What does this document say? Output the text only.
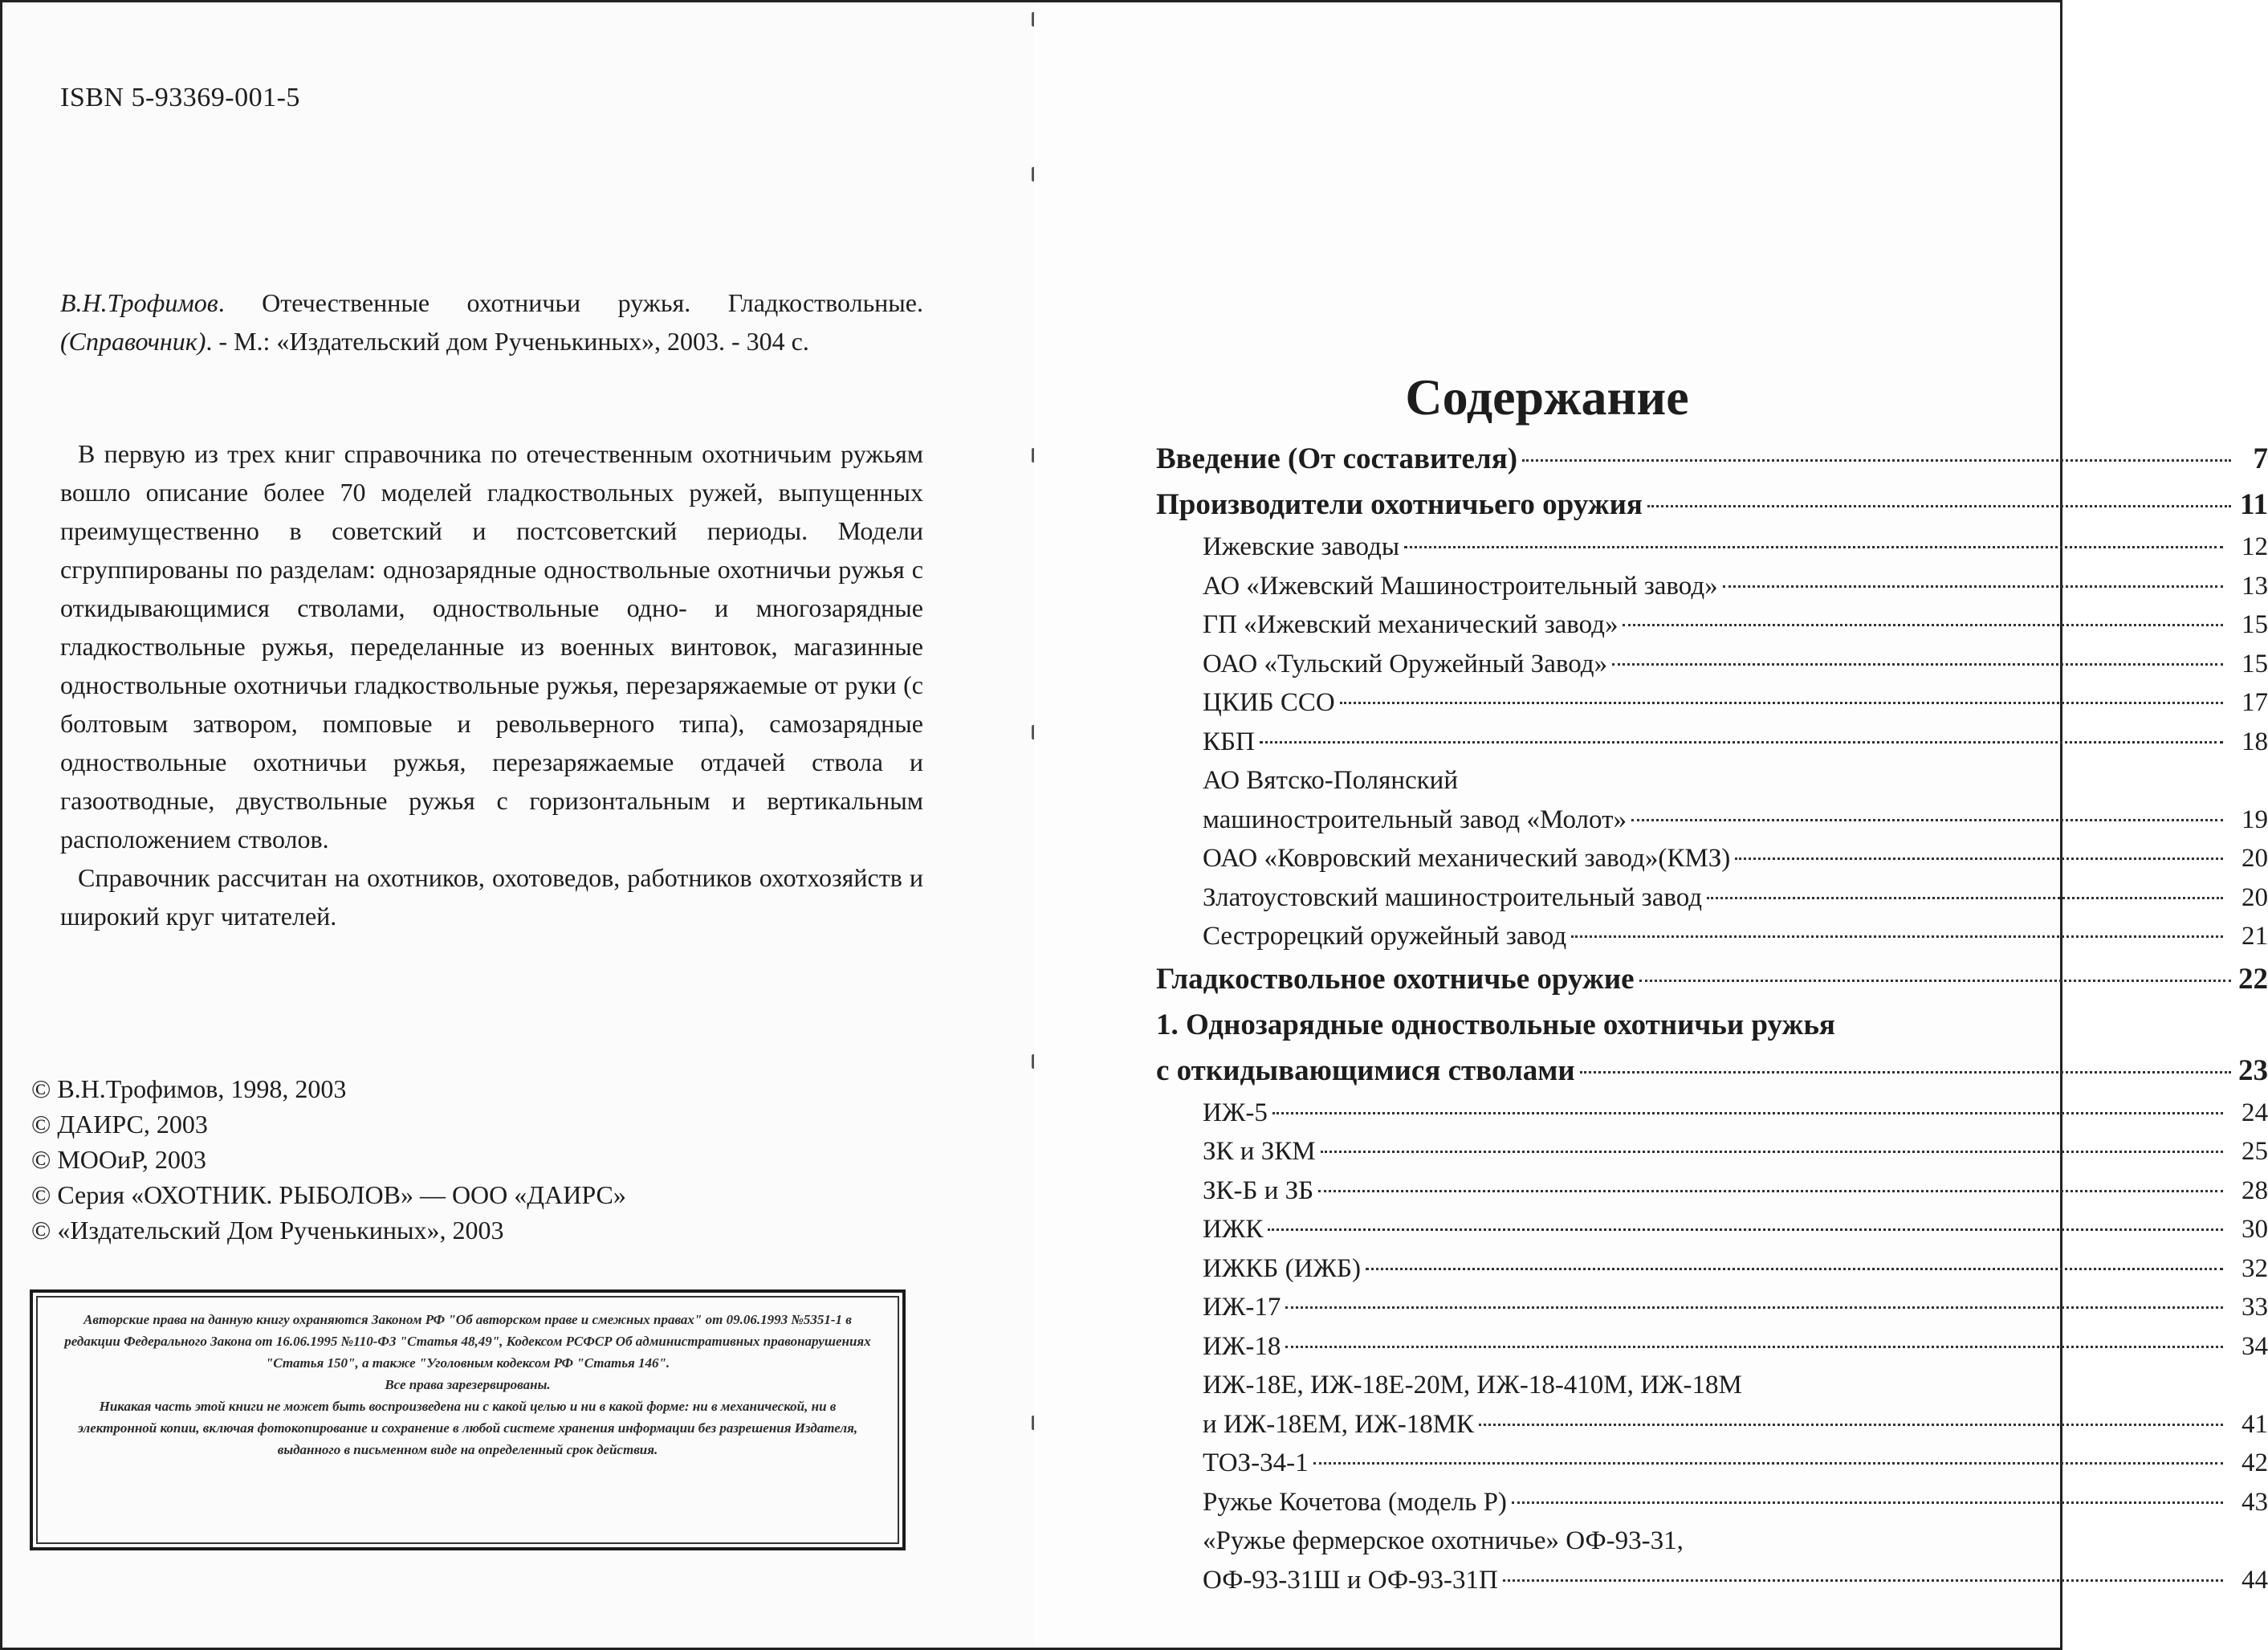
ISBN 5-93369-001-5
В.Н.Трофимов. Отечественные охотничьи ружья. Гладкоствольные. (Справочник). - М.: «Издательский дом Рученькиных», 2003. - 304 с.

В первую из трех книг справочника по отечественным охотничьим ружьям вошло описание более 70 моделей гладкоствольных ружей, выпущенных преимущественно в советский и постсоветский периоды. Модели сгруппированы по разделам: однозарядные одноствольные охотничьи ружья с откидывающимися стволами, одноствольные одно- и многозарядные гладкоствольные ружья, переделанные из военных винтовок, магазинные одноствольные охотничьи гладкоствольные ружья, перезаряжаемые от руки (с болтовым затвором, помповые и револьверного типа), самозарядные одноствольные охотничьи ружья, перезаряжаемые отдачей ствола и газоотводные, двуствольные ружья с горизонтальным и вертикальным расположением стволов.

Справочник рассчитан на охотников, охотоведов, работников охотхозяйств и широкий круг читателей.

© В.Н.Трофимов, 1998, 2003
© ДАИРС, 2003
© МООиР, 2003
© Серия «ОХОТНИК. РЫБОЛОВ» — ООО «ДАИРС»
© «Издательский Дом Рученькиных», 2003

Авторские права на данную книгу охраняются Законом РФ "Об авторском праве и смежных правах" от 09.06.1993 №5351-1 в редакции Федерального Закона от 16.06.1995 №110-ФЗ "Статья 48,49", Кодексом РСФСР Об административных правонарушениях "Статья 150", а также "Уголовным кодексом РФ "Статья 146".

Все права зарезервированы.

Никакая часть этой книги не может быть воспроизведена ни с какой целью и ни в какой форме: ни в механической, ни в электронной копии, включая фотокопирование и сохранение в любой системе хранения информации без разрешения Издателя, выданного в письменном виде на определенный срок действия.

Содержание
Введение (От составителя)	7
Производители охотничьего оружия	11
Ижевские заводы	12
АО «Ижевский Машиностроительный завод»	13
ГП «Ижевский механический завод»	15
ОАО «Тульский Оружейный Завод»	15
ЦКИБ ССО	17
КБП	18
АО Вятско-Полянский
машиностроительный завод «Молот»	19
ОАО «Ковровский механический завод»(КМЗ)	20
Златоустовский машиностроительный завод	20
Сестрорецкий оружейный завод	21
Гладкоствольное охотничье оружие	22
1. Однозарядные одноствольные охотничьи ружья
с откидывающимися стволами	23
ИЖ-5	24
ЗК и ЗКМ	25
ЗК-Б и ЗБ	28
ИЖК	30
ИЖКБ (ИЖБ)	32
ИЖ-17	33
ИЖ-18	34
ИЖ-18Е, ИЖ-18Е-20М, ИЖ-18-410М, ИЖ-18М
и ИЖ-18ЕМ, ИЖ-18МК	41
ТОЗ-34-1	42
Ружье Кочетова (модель Р)	43
«Ружье фермерское охотничье» ОФ-93-31,
ОФ-93-31Ш и ОФ-93-31П	44
